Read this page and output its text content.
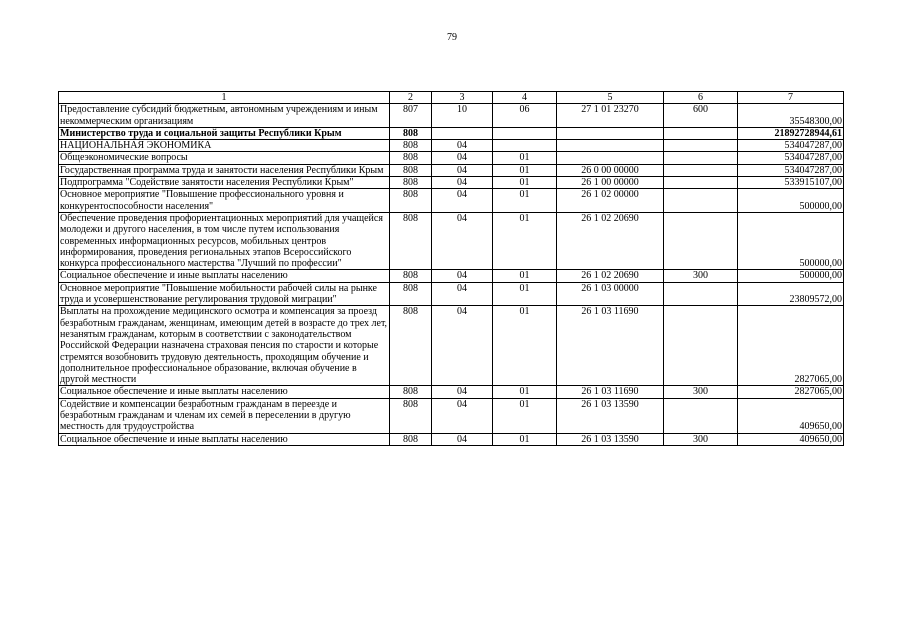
79
1	2	3	4	5	6	7
Предоставление субсидий бюджетным, автономным учреждениям и иным некоммерческим организациям	807	10	06	27 1 01 23270	600	35548300,00
Министерство труда и социальной защиты Республики Крым	808					21892728944,61
НАЦИОНАЛЬНАЯ ЭКОНОМИКА	808	04				534047287,00
Общеэкономические вопросы	808	04	01			534047287,00
Государственная программа труда и занятости населения Республики Крым	808	04	01	26 0 00 00000		534047287,00
Подпрограмма "Содействие занятости населения Республики Крым"	808	04	01	26 1 00 00000		533915107,00
Основное мероприятие "Повышение профессионального уровня и конкурентоспособности населения"	808	04	01	26 1 02 00000		500000,00
Обеспечение проведения профориентационных мероприятий для учащейся молодежи и другого населения, в том числе путем использования современных информационных ресурсов, мобильных центров информирования, проведения региональных этапов Всероссийского конкурса профессионального мастерства "Лучший по профессии"	808	04	01	26 1 02 20690		500000,00
Социальное обеспечение и иные выплаты населению	808	04	01	26 1 02 20690	300	500000,00
Основное мероприятие "Повышение мобильности рабочей силы на рынке труда и усовершенствование регулирования трудовой миграции"	808	04	01	26 1 03 00000		23809572,00
Выплаты на прохождение медицинского осмотра и компенсация за проезд безработным гражданам, женщинам, имеющим детей в возрасте до трех лет, незанятым гражданам, которым в соответствии с законодательством Российской Федерации назначена страховая пенсия по старости и которые стремятся возобновить трудовую деятельность, проходящим обучение и дополнительное профессиональное образование, включая обучение в другой местности	808	04	01	26 1 03 11690		2827065,00
Социальное обеспечение и иные выплаты населению	808	04	01	26 1 03 11690	300	2827065,00
Содействие и компенсации безработным гражданам в переезде и безработным гражданам и членам их семей в переселении в другую местность для трудоустройства	808	04	01	26 1 03 13590		409650,00
Социальное обеспечение и иные выплаты населению	808	04	01	26 1 03 13590	300	409650,00
